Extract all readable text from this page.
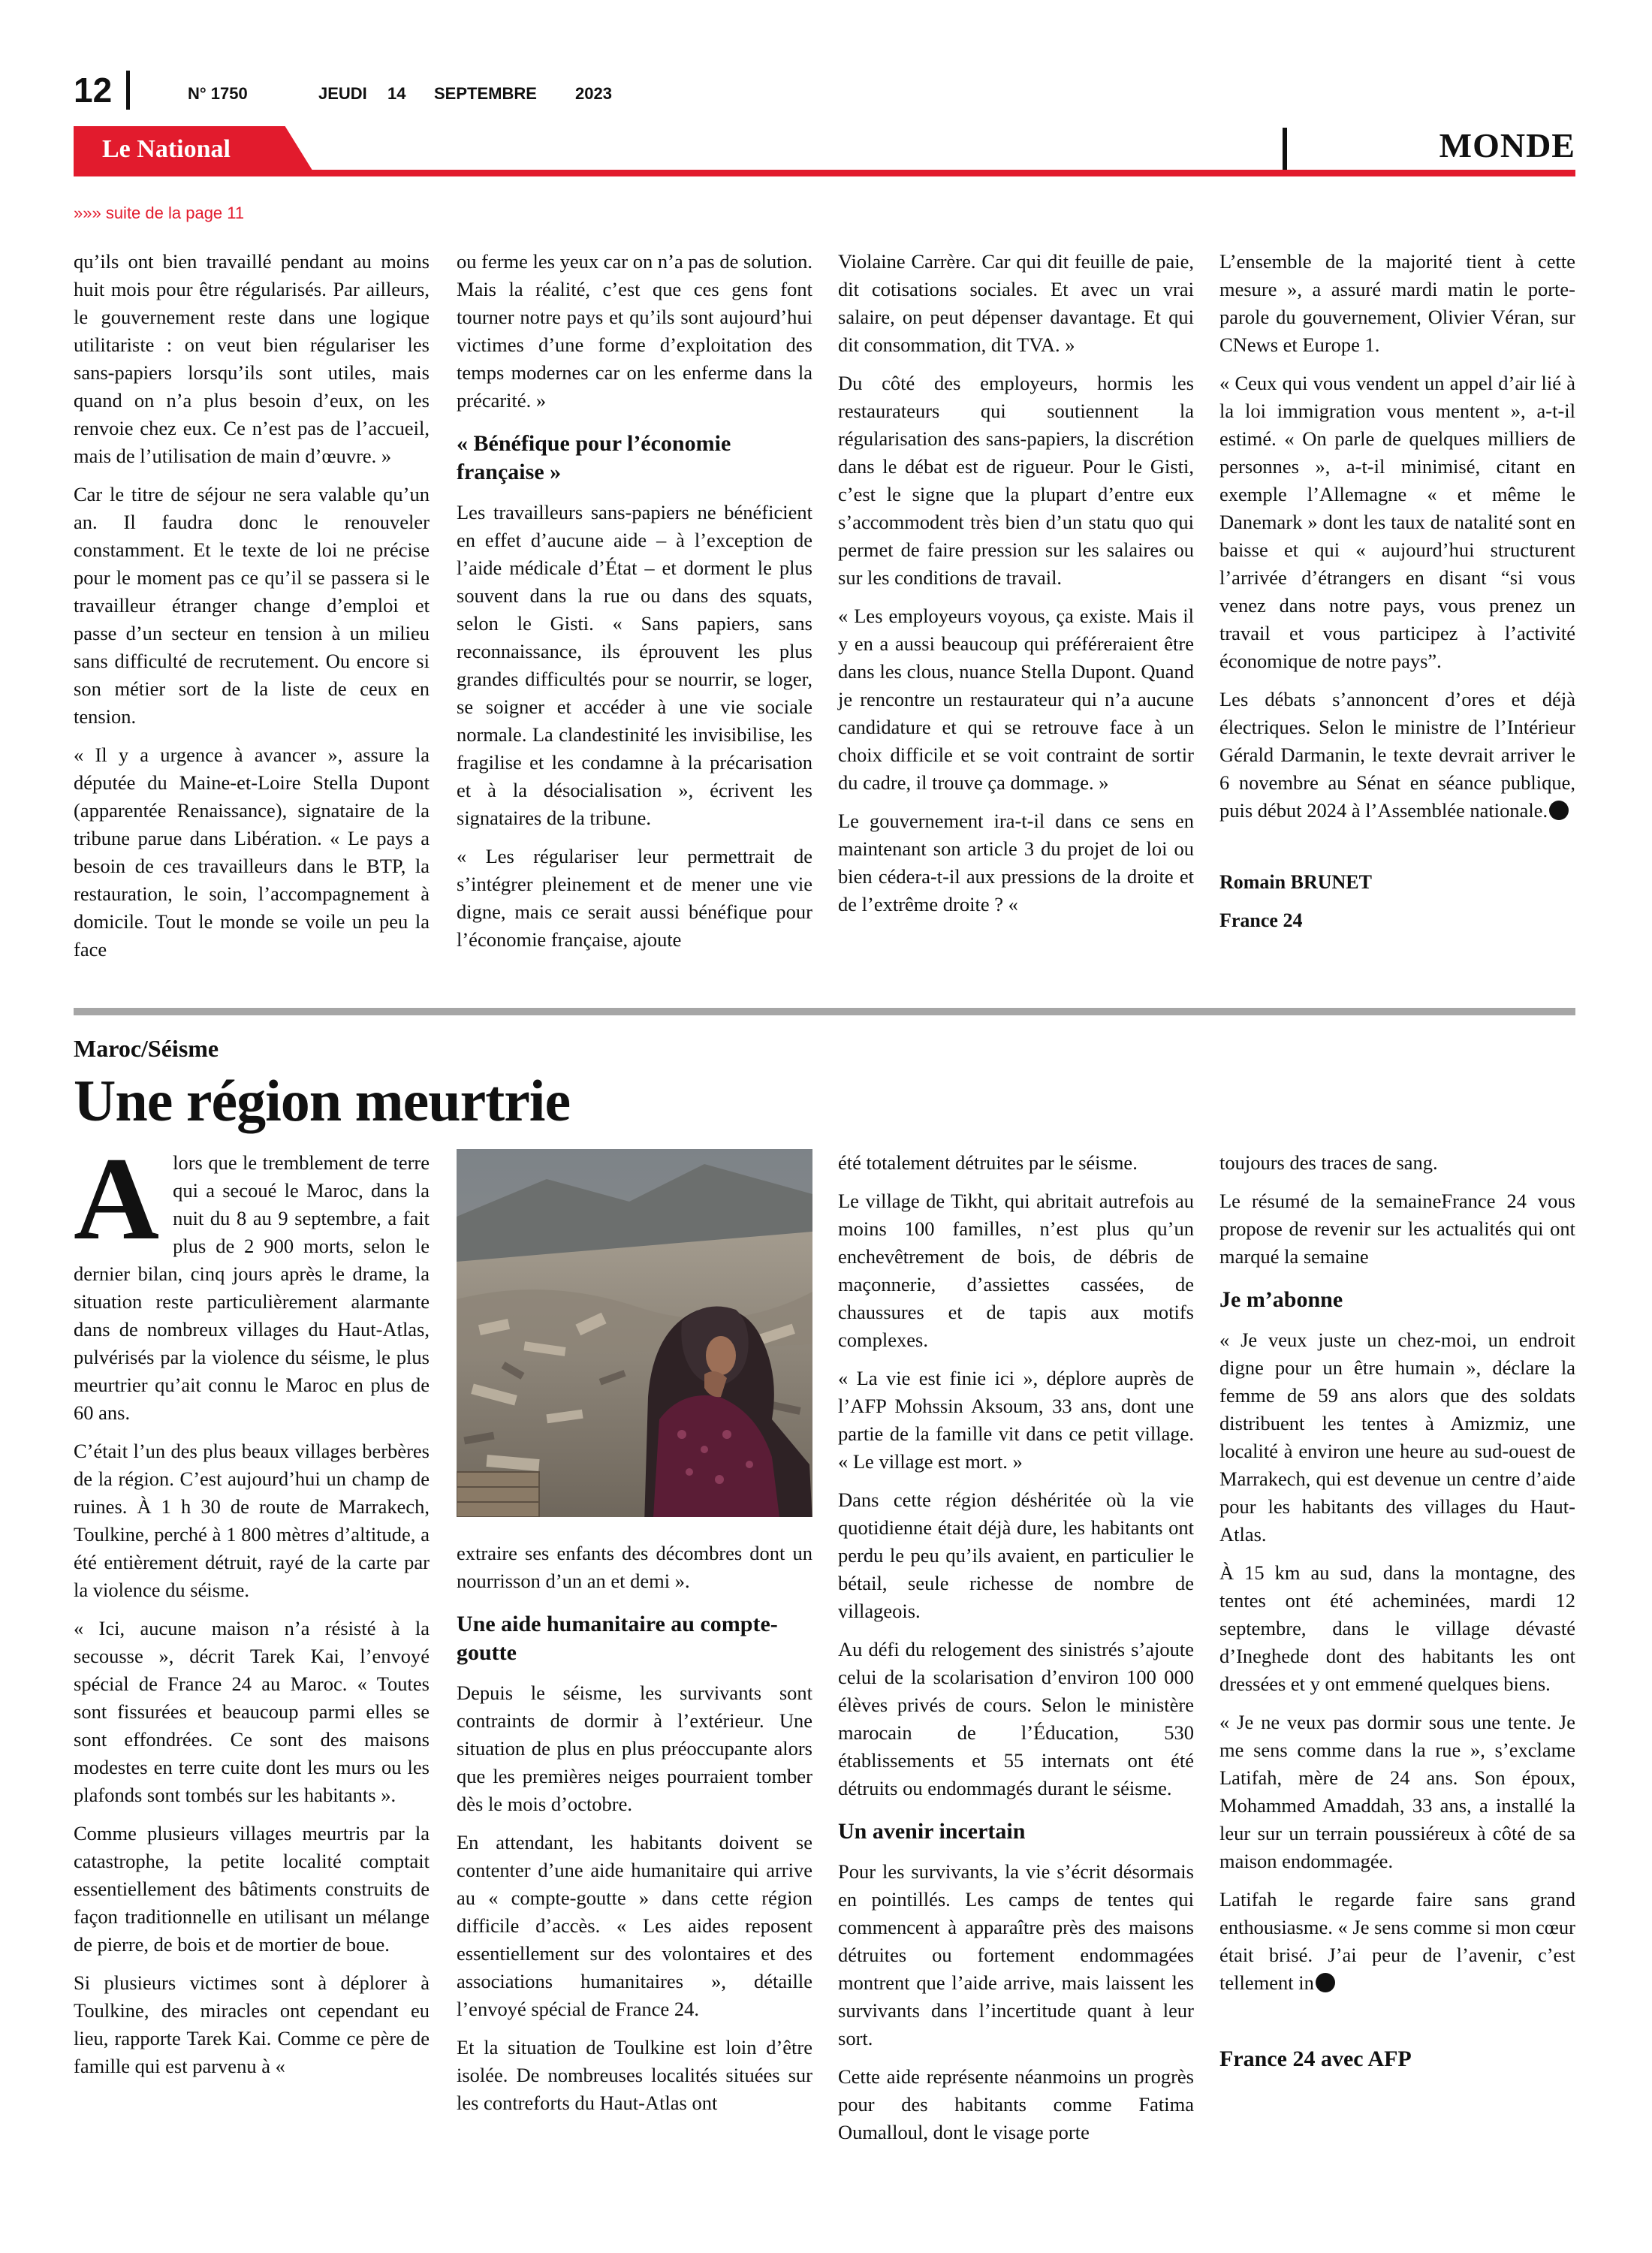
12	N° 1750	JEUDI 14 SEPTEMBRE 2023
Le National	MONDE
»»» suite de la page 11

qu’ils ont bien travaillé pendant au moins huit mois pour être régularisés. Par ailleurs, le gouvernement reste dans une logique utilitariste : on veut bien régulariser les sans-papiers lorsqu’ils sont utiles, mais quand on n’a plus besoin d’eux, on les renvoie chez eux. Ce n’est pas de l’accueil, mais de l’utilisation de main d’œuvre. »

Car le titre de séjour ne sera valable qu’un an. Il faudra donc le renouveler constamment. Et le texte de loi ne précise pour le moment pas ce qu’il se passera si le travailleur étranger change d’emploi et passe d’un secteur en tension à un milieu sans difficulté de recrutement. Ou encore si son métier sort de la liste de ceux en tension.

« Il y a urgence à avancer », assure la députée du Maine-et-Loire Stella Dupont (apparentée Renaissance), signataire de la tribune parue dans Libération. « Le pays a besoin de ces travailleurs dans le BTP, la restauration, le soin, l’accompagnement à domicile. Tout le monde se voile un peu la face

ou ferme les yeux car on n’a pas de solution. Mais la réalité, c’est que ces gens font tourner notre pays et qu’ils sont aujourd’hui victimes d’une forme d’exploitation des temps modernes car on les enferme dans la précarité. »

« Bénéfique pour l’économie française »

Les travailleurs sans-papiers ne bénéficient en effet d’aucune aide – à l’exception de l’aide médicale d’État – et dorment le plus souvent dans la rue ou dans des squats, selon le Gisti. « Sans papiers, sans reconnaissance, ils éprouvent les plus grandes difficultés pour se nourrir, se loger, se soigner et accéder à une vie sociale normale. La clandestinité les invisibilise, les fragilise et les condamne à la précarisation et à la désocialisation », écrivent les signataires de la tribune.

« Les régulariser leur permettrait de s’intégrer pleinement et de mener une vie digne, mais ce serait aussi bénéfique pour l’économie française, ajoute

Violaine Carrère. Car qui dit feuille de paie, dit cotisations sociales. Et avec un vrai salaire, on peut dépenser davantage. Et qui dit consommation, dit TVA. »

Du côté des employeurs, hormis les restaurateurs qui soutiennent la régularisation des sans-papiers, la discrétion dans le débat est de rigueur. Pour le Gisti, c’est le signe que la plupart d’entre eux s’accommodent très bien d’un statu quo qui permet de faire pression sur les salaires ou sur les conditions de travail.

« Les employeurs voyous, ça existe. Mais il y en a aussi beaucoup qui préféreraient être dans les clous, nuance Stella Dupont. Quand je rencontre un restaurateur qui n’a aucune candidature et qui se retrouve face à un choix difficile et se voit contraint de sortir du cadre, il trouve ça dommage. »

Le gouvernement ira-t-il dans ce sens en maintenant son article 3 du projet de loi ou bien cédera-t-il aux pressions de la droite et de l’extrême droite ? «

L’ensemble de la majorité tient à cette mesure », a assuré mardi matin le porte-parole du gouvernement, Olivier Véran, sur CNews et Europe 1.

« Ceux qui vous vendent un appel d’air lié à la loi immigration vous mentent », a-t-il estimé. « On parle de quelques milliers de personnes », a-t-il minimisé, citant en exemple l’Allemagne « et même le Danemark » dont les taux de natalité sont en baisse et qui « aujourd’hui structurent l’arrivée d’étrangers en disant “si vous venez dans notre pays, vous prenez un travail et vous participez à l’activité économique de notre pays”.

Les débats s’annoncent d’ores et déjà électriques. Selon le ministre de l’Intérieur Gérald Darmanin, le texte devrait arriver le 6 novembre au Sénat en séance publique, puis début 2024 à l’Assemblée nationale.

Romain BRUNET
France 24
Maroc/Séisme
Une région meurtrie

Alors que le tremblement de terre qui a secoué le Maroc, dans la nuit du 8 au 9 septembre, a fait plus de 2 900 morts, selon le dernier bilan, cinq jours après le drame, la situation reste particulièrement alarmante dans de nombreux villages du Haut-Atlas, pulvérisés par la violence du séisme, le plus meurtrier qu’ait connu le Maroc en plus de 60 ans.

C’était l’un des plus beaux villages berbères de la région. C’est aujourd’hui un champ de ruines. À 1 h 30 de route de Marrakech, Toulkine, perché à 1 800 mètres d’altitude, a été entièrement détruit, rayé de la carte par la violence du séisme.

« Ici, aucune maison n’a résisté à la secousse », décrit Tarek Kai, l’envoyé spécial de France 24 au Maroc. « Toutes sont fissurées et beaucoup parmi elles se sont effondrées. Ce sont des maisons modestes en terre cuite dont les murs ou les plafonds sont tombés sur les habitants ».

Comme plusieurs villages meurtris par la catastrophe, la petite localité comptait essentiellement des bâtiments construits de façon traditionnelle en utilisant un mélange de pierre, de bois et de mortier de boue.

Si plusieurs victimes sont à déplorer à Toulkine, des miracles ont cependant eu lieu, rapporte Tarek Kai. Comme ce père de famille qui est parvenu à «

extraire ses enfants des décombres dont un nourrisson d’un an et demi ».

Une aide humanitaire au compte-goutte

Depuis le séisme, les survivants sont contraints de dormir à l’extérieur. Une situation de plus en plus préoccupante alors que les premières neiges pourraient tomber dès le mois d’octobre.

En attendant, les habitants doivent se contenter d’une aide humanitaire qui arrive au « compte-goutte » dans cette région difficile d’accès. « Les aides reposent essentiellement sur des volontaires et des associations humanitaires », détaille l’envoyé spécial de France 24.

Et la situation de Toulkine est loin d’être isolée. De nombreuses localités situées sur les contreforts du Haut-Atlas ont

été totalement détruites par le séisme.

Le village de Tikht, qui abritait autrefois au moins 100 familles, n’est plus qu’un enchevêtrement de bois, de débris de maçonnerie, d’assiettes cassées, de chaussures et de tapis aux motifs complexes.

« La vie est finie ici », déplore auprès de l’AFP Mohssin Aksoum, 33 ans, dont une partie de la famille vit dans ce petit village. « Le village est mort. »

Dans cette région déshéritée où la vie quotidienne était déjà dure, les habitants ont perdu le peu qu’ils avaient, en particulier le bétail, seule richesse de nombre de villageois.

Au défi du relogement des sinistrés s’ajoute celui de la scolarisation d’environ 100 000 élèves privés de cours. Selon le ministère marocain de l’Éducation, 530 établissements et 55 internats ont été détruits ou endommagés durant le séisme.

Un avenir incertain

Pour les survivants, la vie s’écrit désormais en pointillés. Les camps de tentes qui commencent à apparaître près des maisons détruites ou fortement endommagées montrent que l’aide arrive, mais laissent les survivants dans l’incertitude quant à leur sort.

Cette aide représente néanmoins un progrès pour des habitants comme Fatima Oumalloul, dont le visage porte

toujours des traces de sang.

Le résumé de la semaineFrance 24 vous propose de revenir sur les actualités qui ont marqué la semaine

Je m’abonne

« Je veux juste un chez-moi, un endroit digne pour un être humain », déclare la femme de 59 ans alors que des soldats distribuent les tentes à Amizmiz, une localité à environ une heure au sud-ouest de Marrakech, qui est devenue un centre d’aide pour les habitants des villages du Haut-Atlas.

À 15 km au sud, dans la montagne, des tentes ont été acheminées, mardi 12 septembre, dans le village dévasté d’Ineghede dont des habitants les ont dressées et y ont emmené quelques biens.

« Je ne veux pas dormir sous une tente. Je me sens comme dans la rue », s’exclame Latifah, mère de 24 ans. Son époux, Mohammed Amaddah, 33 ans, a installé la leur sur un terrain poussiéreux à côté de sa maison endommagée.

Latifah le regarde faire sans grand enthousiasme. « Je sens comme si mon cœur était brisé. J’ai peur de l’avenir, c’est tellement in

France 24 avec AFP
